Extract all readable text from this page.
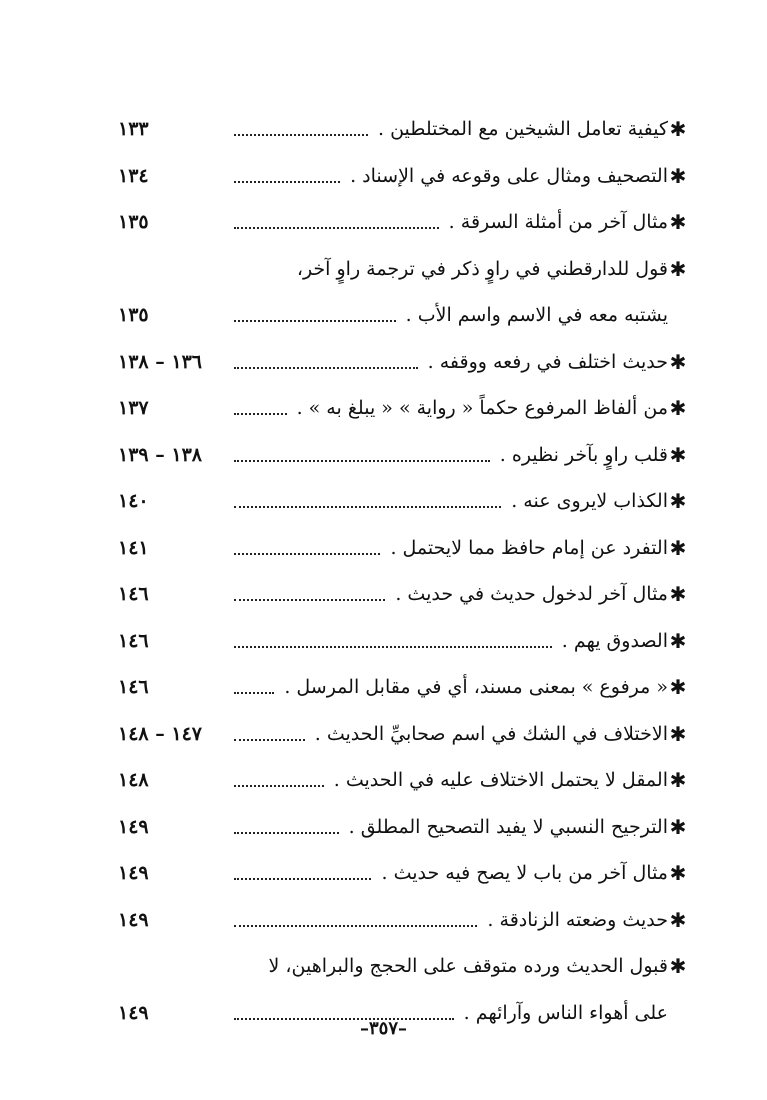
✱
كيفية تعامل الشيخين مع المختلطين .
١٣٣
✱
التصحيف ومثال على وقوعه في الإسناد .
١٣٤
✱
مثال آخر من أمثلة السرقة .
١٣٥
✱
قول للدارقطني في راوٍ ذكر في ترجمة راوٍ آخر،
يشتبه معه في الاسم واسم الأب .
١٣٥
✱
حديث اختلف في رفعه ووقفه .
١٣٦ – ١٣٨
✱
من ألفاظ المرفوع حكماً « رواية » « يبلغ به » .
١٣٧
✱
قلب راوٍ بآخر نظيره .
١٣٨ – ١٣٩
✱
الكذاب لايروى عنه .
١٤٠
✱
التفرد عن إمام حافظ مما لايحتمل .
١٤١
✱
مثال آخر لدخول حديث في حديث .
١٤٦
✱
الصدوق يهم .
١٤٦
✱
« مرفوع » بمعنى مسند، أي في مقابل المرسل .
١٤٦
✱
الاختلاف في الشك في اسم صحابيِّ الحديث .
١٤٧ – ١٤٨
✱
المقل لا يحتمل الاختلاف عليه في الحديث .
١٤٨
✱
الترجيح النسبي لا يفيد التصحيح المطلق .
١٤٩
✱
مثال آخر من باب لا يصح فيه حديث .
١٤٩
✱
حديث وضعته الزنادقة .
١٤٩
✱
قبول الحديث ورده متوقف على الحجج والبراهين، لا
على أهواء الناس وآرائهم .
١٤٩
–٣٥٧–
